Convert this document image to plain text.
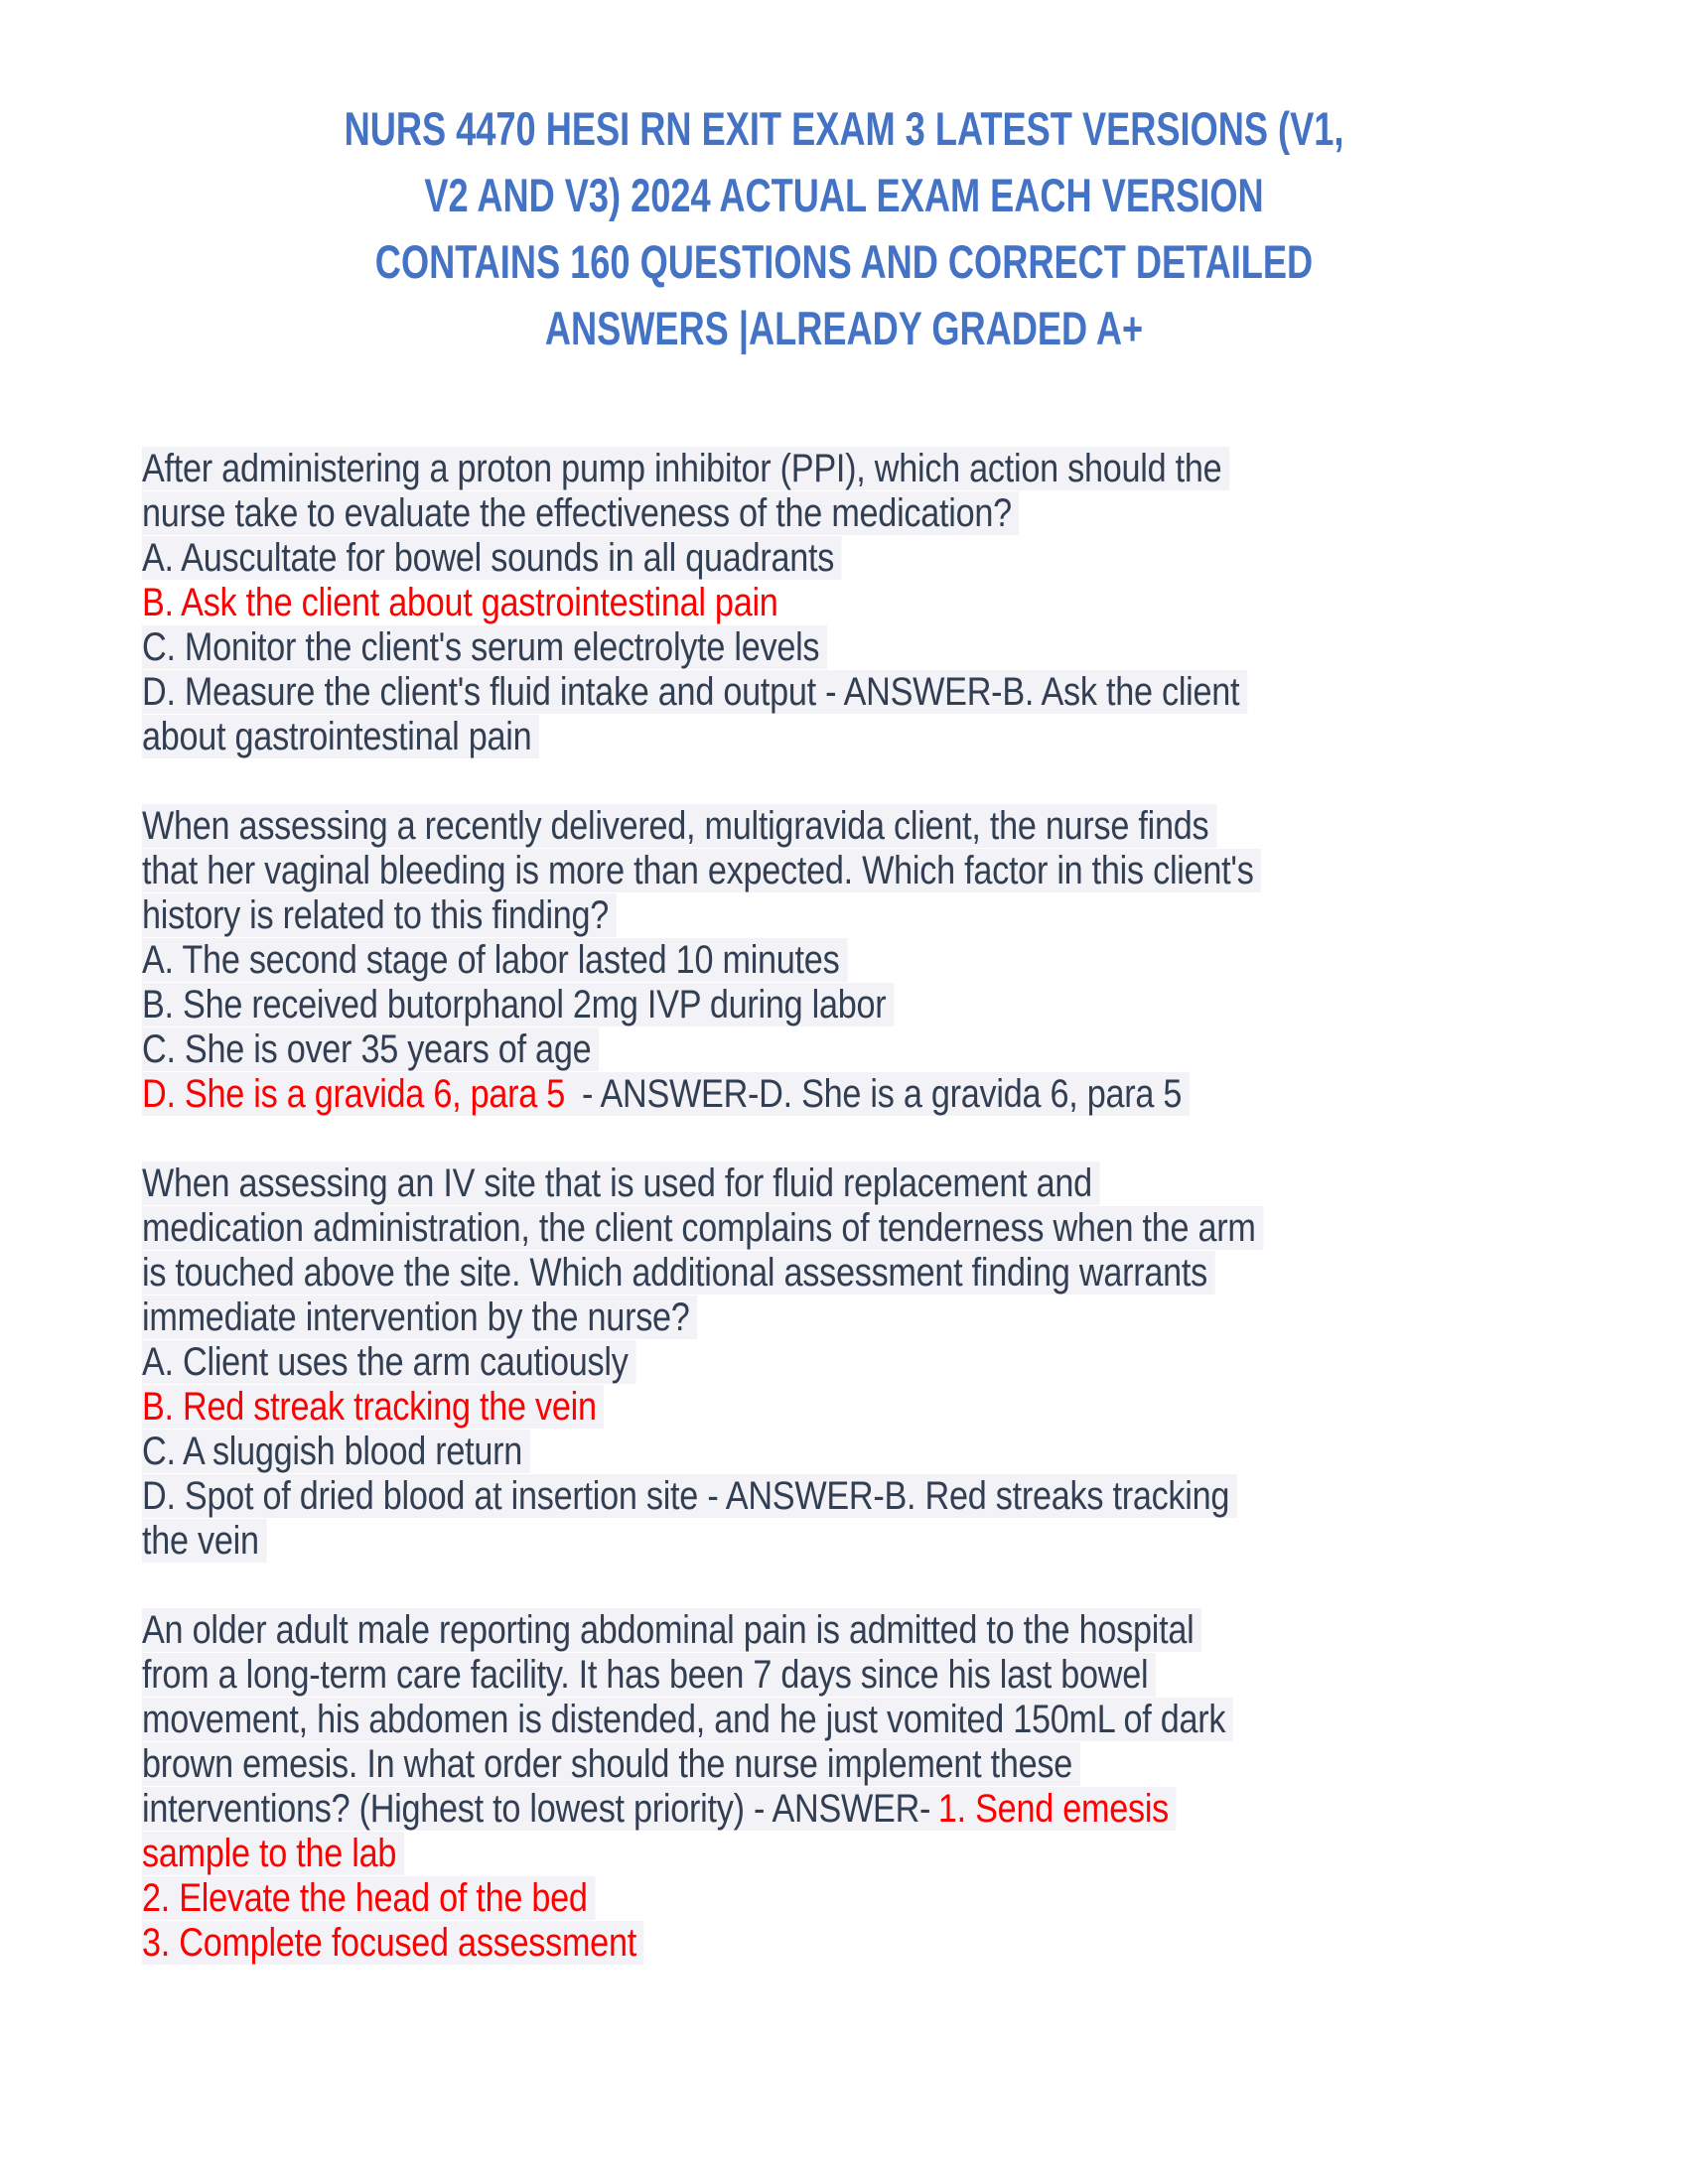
NURS 4470 HESI RN EXIT EXAM 3 LATEST VERSIONS (V1,
V2 AND V3) 2024 ACTUAL EXAM EACH VERSION
CONTAINS 160 QUESTIONS AND CORRECT DETAILED
ANSWERS |ALREADY GRADED A+
After administering a proton pump inhibitor (PPI), which action should the
nurse take to evaluate the effectiveness of the medication?
A. Auscultate for bowel sounds in all quadrants
B. Ask the client about gastrointestinal pain
C. Monitor the client's serum electrolyte levels
D. Measure the client's fluid intake and output - ANSWER-B. Ask the client
about gastrointestinal pain
When assessing a recently delivered, multigravida client, the nurse finds
that her vaginal bleeding is more than expected. Which factor in this client's
history is related to this finding?
A. The second stage of labor lasted 10 minutes
B. She received butorphanol 2mg IVP during labor
C. She is over 35 years of age
D. She is a gravida 6, para 5 - ANSWER-D. She is a gravida 6, para 5
When assessing an IV site that is used for fluid replacement and
medication administration, the client complains of tenderness when the arm
is touched above the site. Which additional assessment finding warrants
immediate intervention by the nurse?
A. Client uses the arm cautiously
B. Red streak tracking the vein
C. A sluggish blood return
D. Spot of dried blood at insertion site - ANSWER-B. Red streaks tracking
the vein
An older adult male reporting abdominal pain is admitted to the hospital
from a long-term care facility. It has been 7 days since his last bowel
movement, his abdomen is distended, and he just vomited 150mL of dark
brown emesis. In what order should the nurse implement these
interventions? (Highest to lowest priority) - ANSWER- 1. Send emesis
sample to the lab
2. Elevate the head of the bed
3. Complete focused assessment
